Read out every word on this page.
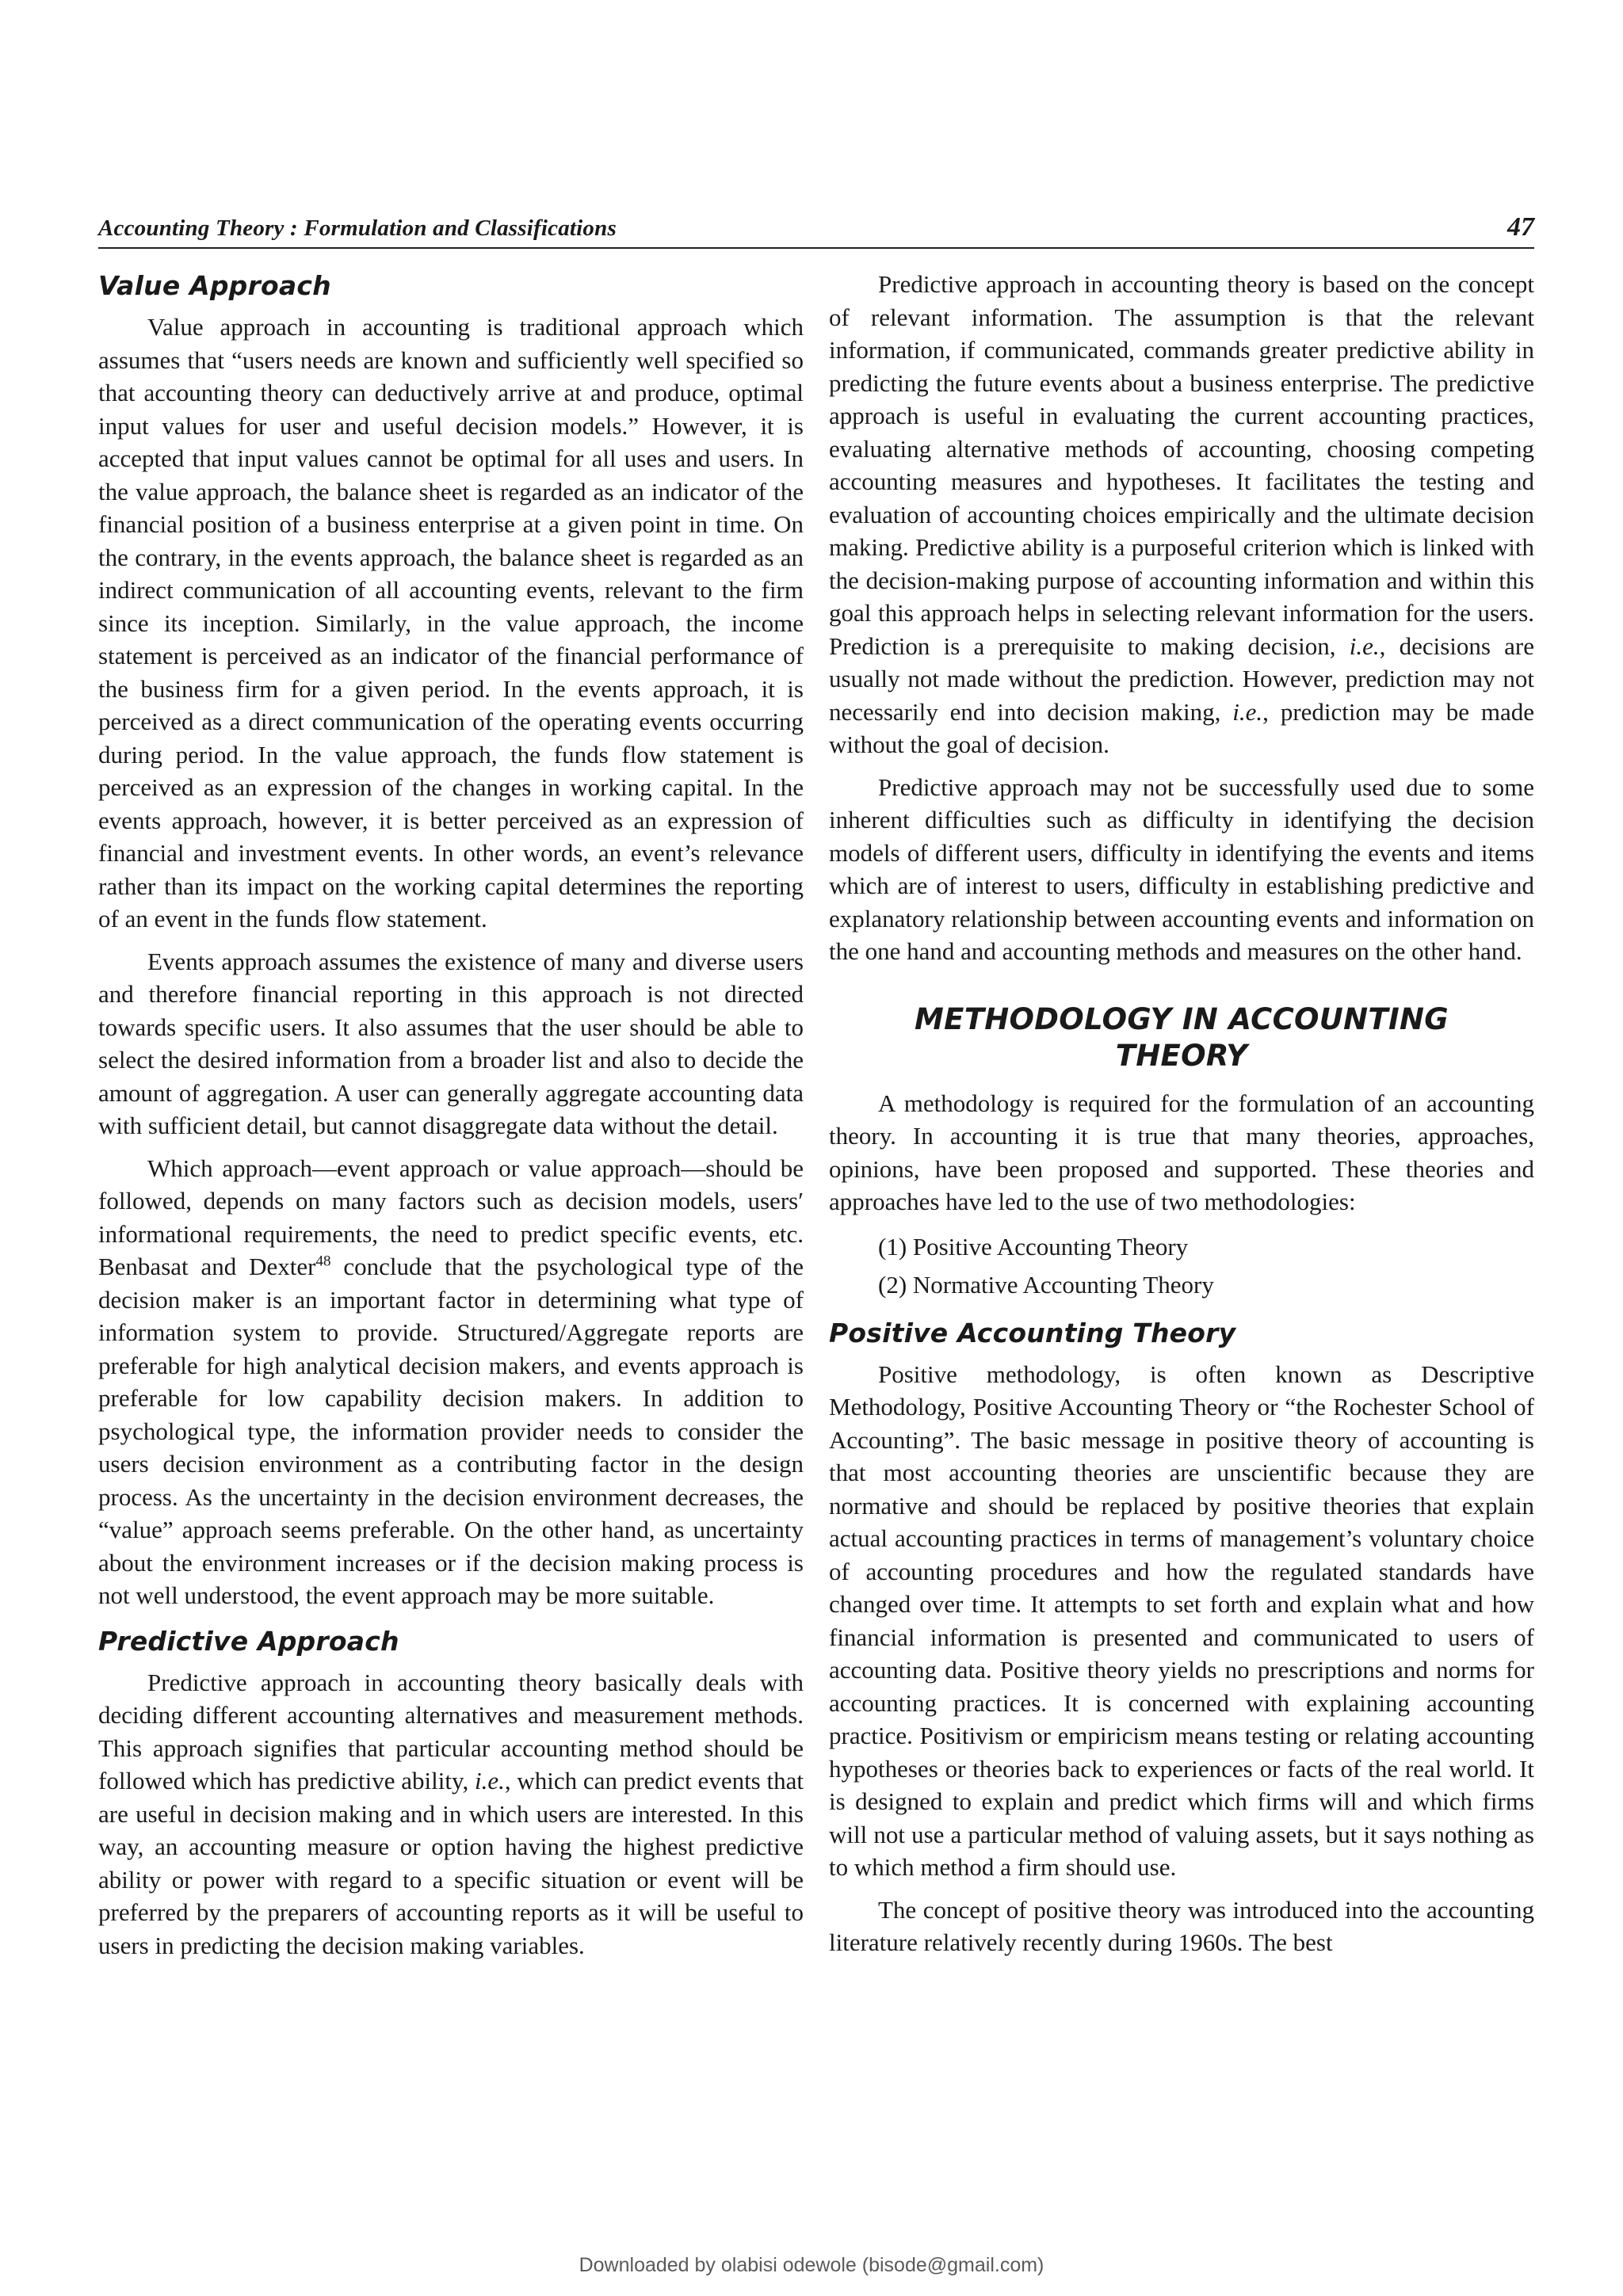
Accounting Theory : Formulation and Classifications	47
Value Approach

Value approach in accounting is traditional approach which assumes that “users needs are known and sufficiently well specified so that accounting theory can deductively arrive at and produce, optimal input values for user and useful decision models.” However, it is accepted that input values cannot be optimal for all uses and users. In the value approach, the balance sheet is regarded as an indicator of the financial position of a business enterprise at a given point in time. On the contrary, in the events approach, the balance sheet is regarded as an indirect communication of all accounting events, relevant to the firm since its inception. Similarly, in the value approach, the income statement is perceived as an indicator of the financial performance of the business firm for a given period. In the events approach, it is perceived as a direct communication of the operating events occurring during period. In the value approach, the funds flow statement is perceived as an expression of the changes in working capital. In the events approach, however, it is better perceived as an expression of financial and investment events. In other words, an event’s relevance rather than its impact on the working capital determines the reporting of an event in the funds flow statement.

Events approach assumes the existence of many and diverse users and therefore financial reporting in this approach is not directed towards specific users. It also assumes that the user should be able to select the desired information from a broader list and also to decide the amount of aggregation. A user can generally aggregate accounting data with sufficient detail, but cannot disaggregate data without the detail.

Which approach—event approach or value approach—should be followed, depends on many factors such as decision models, users′ informational requirements, the need to predict specific events, etc. Benbasat and Dexter$^{48}$ conclude that the psychological type of the decision maker is an important factor in determining what type of information system to provide. Structured/Aggregate reports are preferable for high analytical decision makers, and events approach is preferable for low capability decision makers. In addition to psychological type, the information provider needs to consider the users decision environment as a contributing factor in the design process. As the uncertainty in the decision environment decreases, the “value” approach seems preferable. On the other hand, as uncertainty about the environment increases or if the decision making process is not well understood, the event approach may be more suitable.

Predictive Approach

Predictive approach in accounting theory basically deals with deciding different accounting alternatives and measurement methods. This approach signifies that particular accounting method should be followed which has predictive ability, i.e., which can predict events that are useful in decision making and in which users are interested. In this way, an accounting measure or option having the highest predictive ability or power with regard to a specific situation or event will be preferred by the preparers of accounting reports as it will be useful to users in predicting the decision making variables.

Predictive approach in accounting theory is based on the concept of relevant information. The assumption is that the relevant information, if communicated, commands greater predictive ability in predicting the future events about a business enterprise. The predictive approach is useful in evaluating the current accounting practices, evaluating alternative methods of accounting, choosing competing accounting measures and hypotheses. It facilitates the testing and evaluation of accounting choices empirically and the ultimate decision making. Predictive ability is a purposeful criterion which is linked with the decision-making purpose of accounting information and within this goal this approach helps in selecting relevant information for the users. Prediction is a prerequisite to making decision, i.e., decisions are usually not made without the prediction. However, prediction may not necessarily end into decision making, i.e., prediction may be made without the goal of decision.

Predictive approach may not be successfully used due to some inherent difficulties such as difficulty in identifying the decision models of different users, difficulty in identifying the events and items which are of interest to users, difficulty in establishing predictive and explanatory relationship between accounting events and information on the one hand and accounting methods and measures on the other hand.

METHODOLOGY IN ACCOUNTING THEORY

A methodology is required for the formulation of an accounting theory. In accounting it is true that many theories, approaches, opinions, have been proposed and supported. These theories and approaches have led to the use of two methodologies:

(1) Positive Accounting Theory
(2) Normative Accounting Theory
Positive Accounting Theory

Positive methodology, is often known as Descriptive Methodology, Positive Accounting Theory or “the Rochester School of Accounting”. The basic message in positive theory of accounting is that most accounting theories are unscientific because they are normative and should be replaced by positive theories that explain actual accounting practices in terms of management’s voluntary choice of accounting procedures and how the regulated standards have changed over time. It attempts to set forth and explain what and how financial information is presented and communicated to users of accounting data. Positive theory yields no prescriptions and norms for accounting practices. It is concerned with explaining accounting practice. Positivism or empiricism means testing or relating accounting hypotheses or theories back to experiences or facts of the real world. It is designed to explain and predict which firms will and which firms will not use a particular method of valuing assets, but it says nothing as to which method a firm should use.

The concept of positive theory was introduced into the accounting literature relatively recently during 1960s. The best

Downloaded by olabisi odewole (bisode@gmail.com)
